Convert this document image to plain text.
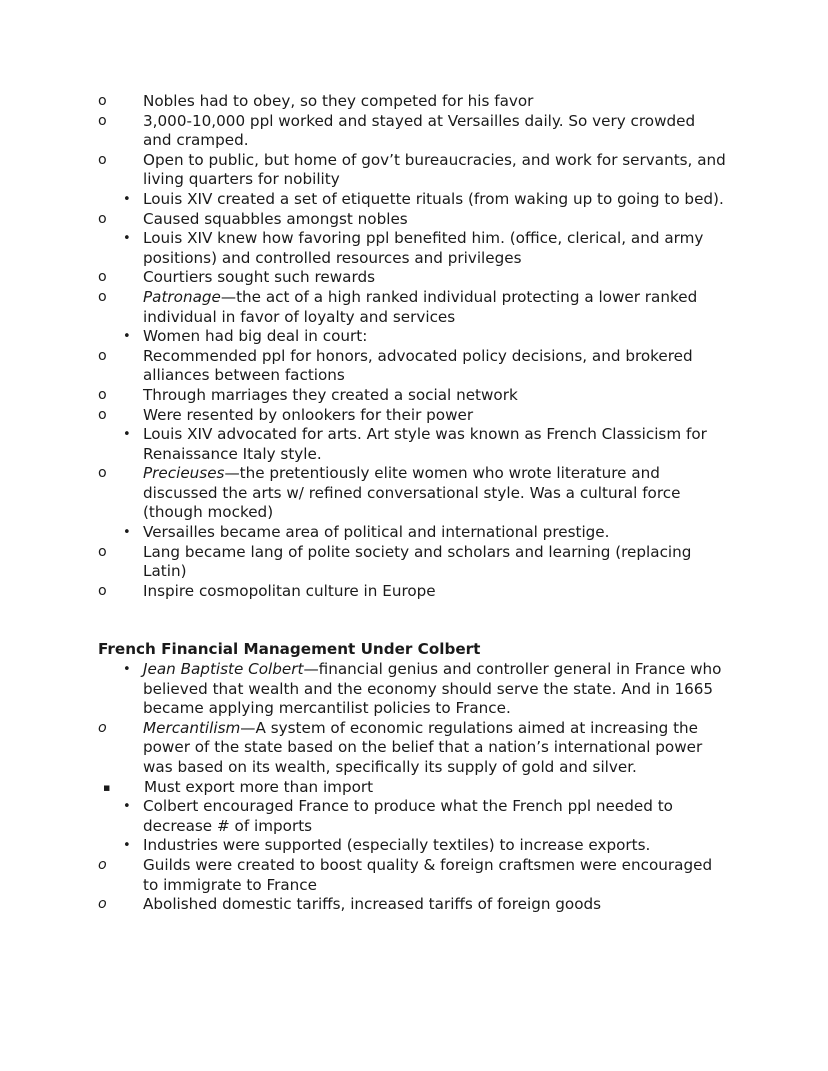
o Nobles had to obey, so they competed for his favor
o 3,000-10,000 ppl worked and stayed at Versailles daily. So very crowded and cramped.
o Open to public, but home of gov’t bureaucracies, and work for servants, and living quarters for nobility
• Louis XIV created a set of etiquette rituals (from waking up to going to bed).
o Caused squabbles amongst nobles
• Louis XIV knew how favoring ppl benefited him. (office, clerical, and army positions) and controlled resources and privileges
o Courtiers sought such rewards
o Patronage—the act of a high ranked individual protecting a lower ranked individual in favor of loyalty and services
• Women had big deal in court:
o Recommended ppl for honors, advocated policy decisions, and brokered alliances between factions
o Through marriages they created a social network
o Were resented by onlookers for their power
• Louis XIV advocated for arts. Art style was known as French Classicism for Renaissance Italy style.
o Precieuses—the pretentiously elite women who wrote literature and discussed the arts w/ refined conversational style. Was a cultural force (though mocked)
• Versailles became area of political and international prestige.
o Lang became lang of polite society and scholars and learning (replacing Latin)
o Inspire cosmopolitan culture in Europe
French Financial Management Under Colbert
• Jean Baptiste Colbert—financial genius and controller general in France who believed that wealth and the economy should serve the state. And in 1665 became applying mercantilist policies to France.
o Mercantilism—A system of economic regulations aimed at increasing the power of the state based on the belief that a nation’s international power was based on its wealth, specifically its supply of gold and silver.
▪ Must export more than import
• Colbert encouraged France to produce what the French ppl needed to decrease # of imports
• Industries were supported (especially textiles) to increase exports.
o Guilds were created to boost quality & foreign craftsmen were encouraged to immigrate to France
o Abolished domestic tariffs, increased tariffs of foreign goods
